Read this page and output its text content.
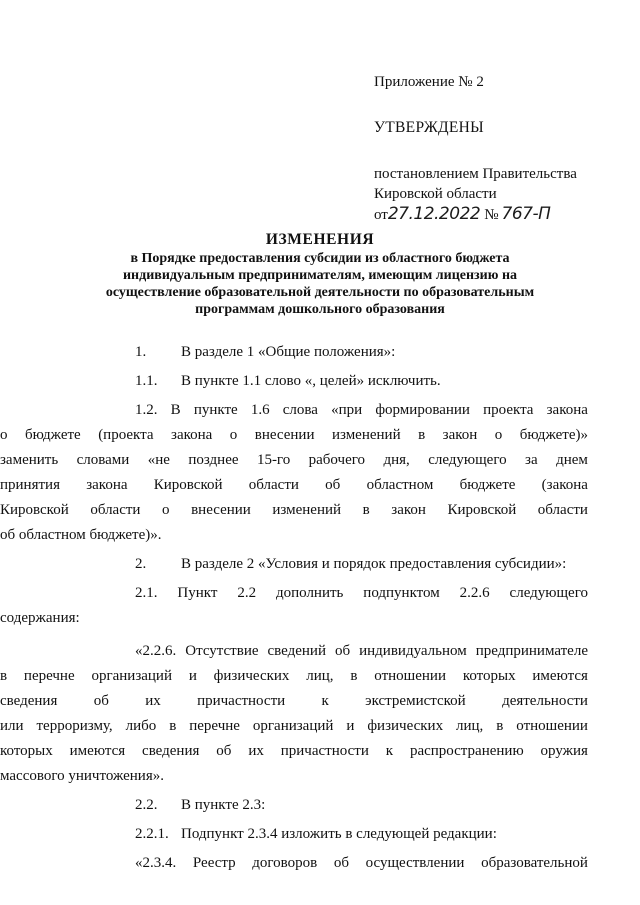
Приложение № 2
УТВЕРЖДЕНЫ
постановлением Правительства
Кировской области
от 27.12.2022 № 767-П
ИЗМЕНЕНИЯ
в Порядке предоставления субсидии из областного бюджета
индивидуальным предпринимателям, имеющим лицензию на
осуществление образовательной деятельности по образовательным
программам дошкольного образования
1.	В разделе 1 «Общие положения»:
1.1.	В пункте 1.1 слово «, целей» исключить.
1.2. В пункте 1.6 слова «при формировании проекта закона
о бюджете (проекта закона о внесении изменений в закон о бюджете)»
заменить словами «не позднее 15-го рабочего дня, следующего за днем
принятия закона Кировской области об областном бюджете (закона
Кировской области о внесении изменений в закон Кировской области
об областном бюджете)».
2.	В разделе 2 «Условия и порядок предоставления субсидии»:
2.1. Пункт 2.2 дополнить подпунктом 2.2.6 следующего
содержания:
«2.2.6. Отсутствие сведений об индивидуальном предпринимателе
в перечне организаций и физических лиц, в отношении которых имеются
сведения об их причастности к экстремистской деятельности
или терроризму, либо в перечне организаций и физических лиц, в отношении
которых имеются сведения об их причастности к распространению оружия
массового уничтожения».
2.2.	В пункте 2.3:
2.2.1. Подпункт 2.3.4 изложить в следующей редакции:
«2.3.4. Реестр договоров об осуществлении образовательной
